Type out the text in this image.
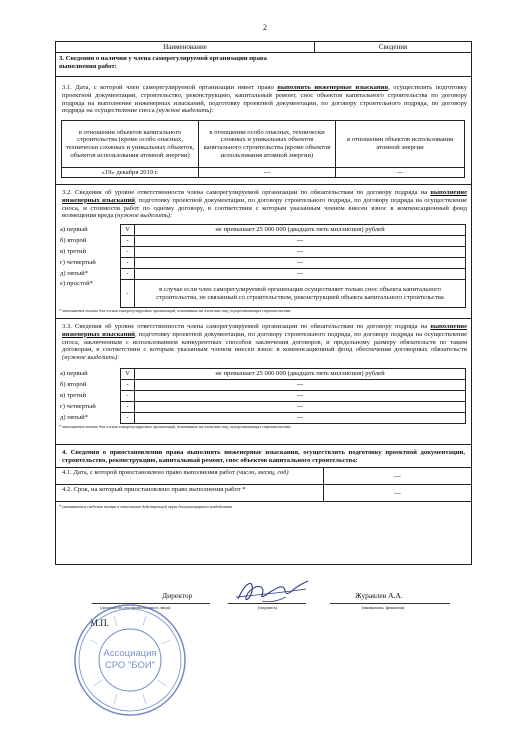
2
Наименование	Сведения
3. Сведения о наличии у члена саморегулируемой организации права
выполнения работ:
3.1. Дата, с которой член саморегулируемой организации имеет право выполнять инженерные изыскания, осуществлять подготовку проектной документации, строительство, реконструкцию, капитальный ремонт, снос объектов капитального строительства по договору подряда на выполнение инженерных изысканий, подготовку проектной документации, по договору строительного подряда, по договору подряда на осуществление сноса (нужное выделить):
в отношении объектов капитального строительства (кроме особо опасных, технически сложных и уникальных объектов, объектов использования атомной энергии)	в отношении особо опасных, технически сложных и уникальных объектов капитального строительства (кроме объектов использования атомной энергии)	в отношении объектов использования атомной энергии
«19» декабря 2019 г.	---	---
3.2. Сведения об уровне ответственности члена саморегулируемой организации по обязательствам по договору подряда на выполнение инженерных изысканий, подготовку проектной документации, по договору строительного подряда, по договору подряда на осуществление сноса, и стоимости работ по одному договору, в соответствии с которым указанным членом внесен взнос в компенсационный фонд возмещения вреда (нужное выделить):
а) первый	V	не превышает 25 000 000 (двадцать пять миллионов) рублей
б) второй	-	---
в) третий	-	---
г) четвертый	-	---
д) пятый*	-	---
е) простой*	-	в случае если член саморегулируемой организации осуществляет только снос объекта капитального строительства, не связанный со строительством, реконструкцией объекта капитального строительства
* заполняется только для членов саморегулируемых организаций, основанных на членстве лиц, осуществляющих строительство
3.3. Сведения об уровне ответственности члена саморегулируемой организации по обязательствам по договору подряда на выполнение инженерных изысканий, подготовку проектной документации, по договору строительного подряда, по договору подряда на осуществление сноса, заключенным с использованием конкурентных способов заключения договоров, и предельному размеру обязательств по таким договорам, в соответствии с которым указанным членом внесен взнос в компенсационный фонд обеспечения договорных обязательств (нужное выделить):
а) первый	V	не превышает 25 000 000 (двадцать пять миллионов) рублей
б) второй	-	---
в) третий	-	---
г) четвертый	-	---
д) пятый*	-	---
* заполняется только для членов саморегулируемых организаций, основанных на членстве лиц, осуществляющих строительство
4. Сведения о приостановлении права выполнять инженерные изыскания, осуществлять подготовку проектной документации, строительство, реконструкцию, капитальный ремонт, снос объектов капитального строительства:
4.1. Дата, с которой приостановлено право выполнения работ (число, месяц, год)	---
4.2. Срок, на который приостановлено право выполнения работ *	---
* указываются сведения только в отношении действующей меры дисциплинарного воздействия
Директор
(должность уполномоченного лица)	(подпись)
Журавлев А.А.
(инициалы, фамилия)
М.П.
Ассоциация
СРО "БОИ"
